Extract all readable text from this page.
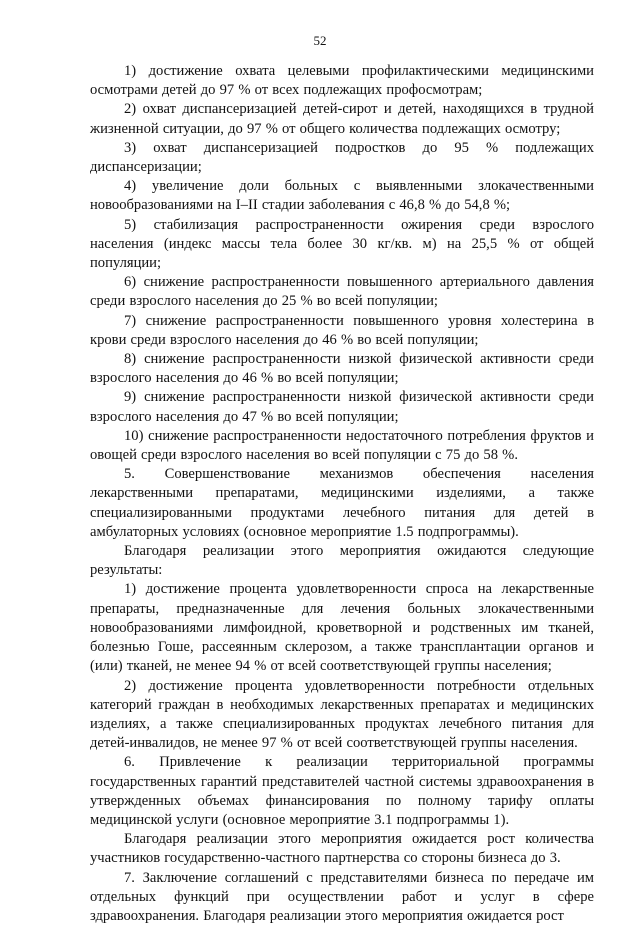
52

1) достижение охвата целевыми профилактическими медицинскими осмотрами детей до 97 % от всех подлежащих профосмотрам;

2) охват диспансеризацией детей-сирот и детей, находящихся в трудной жизненной ситуации, до 97 % от общего количества подлежащих осмотру;

3) охват диспансеризацией подростков до 95 % подлежащих диспансеризации;

4) увеличение доли больных с выявленными злокачественными новообразованиями на I–II стадии заболевания с 46,8 % до 54,8 %;

5) стабилизация распространенности ожирения среди взрослого населения (индекс массы тела более 30 кг/кв. м) на 25,5 % от общей популяции;

6) снижение распространенности повышенного артериального давления среди взрослого населения до 25 % во всей популяции;

7) снижение распространенности повышенного уровня холестерина в крови среди взрослого населения до 46 % во всей популяции;

8) снижение распространенности низкой физической активности среди взрослого населения до 46 % во всей популяции;

9) снижение распространенности низкой физической активности среди взрослого населения до 47 % во всей популяции;

10) снижение распространенности недостаточного потребления фруктов и овощей среди взрослого населения во всей популяции с 75 до 58 %.

5. Совершенствование механизмов обеспечения населения лекарственными препаратами, медицинскими изделиями, а также специализированными продуктами лечебного питания для детей в амбулаторных условиях (основное мероприятие 1.5 подпрограммы).

Благодаря реализации этого мероприятия ожидаются следующие результаты:

1) достижение процента удовлетворенности спроса на лекарственные препараты, предназначенные для лечения больных злокачественными новообразованиями лимфоидной, кроветворной и родственных им тканей, болезнью Гоше, рассеянным склерозом, а также трансплантации органов и (или) тканей, не менее 94 % от всей соответствующей группы населения;

2) достижение процента удовлетворенности потребности отдельных категорий граждан в необходимых лекарственных препаратах и медицинских изделиях, а также специализированных продуктах лечебного питания для детей-инвалидов, не менее 97 % от всей соответствующей группы населения.

6. Привлечение к реализации территориальной программы государственных гарантий представителей частной системы здравоохранения в утвержденных объемах финансирования по полному тарифу оплаты медицинской услуги (основное мероприятие 3.1 подпрограммы 1).

Благодаря реализации этого мероприятия ожидается рост количества участников государственно-частного партнерства со стороны бизнеса до 3.

7. Заключение соглашений с представителями бизнеса по передаче им отдельных функций при осуществлении работ и услуг в сфере здравоохранения. Благодаря реализации этого мероприятия ожидается рост
